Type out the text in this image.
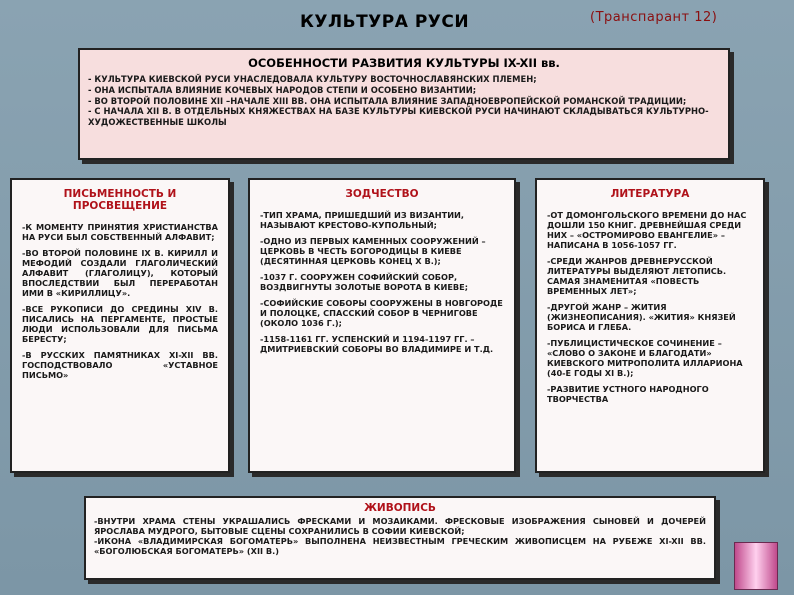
КУЛЬТУРА РУСИ	(Транспарант 12)
ОСОБЕННОСТИ РАЗВИТИЯ КУЛЬТУРЫ IX-XII вв.
- КУЛЬТУРА КИЕВСКОЙ РУСИ УНАСЛЕДОВАЛА КУЛЬТУРУ ВОСТОЧНОСЛАВЯНСКИХ ПЛЕМЕН;
- ОНА ИСПЫТАЛА ВЛИЯНИЕ КОЧЕВЫХ НАРОДОВ СТЕПИ И ОСОБЕНО ВИЗАНТИИ;
- ВО ВТОРОЙ ПОЛОВИНЕ XII –НАЧАЛЕ XIII ВВ. ОНА ИСПЫТАЛА ВЛИЯНИЕ ЗАПАДНОЕВРОПЕЙСКОЙ РОМАНСКОЙ ТРАДИЦИИ;
- С НАЧАЛА XII В. В ОТДЕЛЬНЫХ КНЯЖЕСТВАХ НА БАЗЕ КУЛЬТУРЫ КИЕВСКОЙ РУСИ НАЧИНАЮТ СКЛАДЫВАТЬСЯ КУЛЬТУРНО-ХУДОЖЕСТВЕННЫЕ ШКОЛЫ
ПИСЬМЕННОСТЬ И ПРОСВЕЩЕНИЕ

-К МОМЕНТУ ПРИНЯТИЯ ХРИСТИАНСТВА НА РУСИ БЫЛ СОБСТВЕННЫЙ АЛФАВИТ;

-ВО ВТОРОЙ ПОЛОВИНЕ IX В. КИРИЛЛ И МЕФОДИЙ СОЗДАЛИ ГЛАГОЛИЧЕСКИЙ АЛФАВИТ (ГЛАГОЛИЦУ), КОТОРЫЙ ВПОСЛЕДСТВИИ БЫЛ ПЕРЕРАБОТАН ИМИ В «КИРИЛЛИЦУ».

-ВСЕ РУКОПИСИ ДО СРЕДИНЫ XIV В. ПИСАЛИСЬ НА ПЕРГАМЕНТЕ, ПРОСТЫЕ ЛЮДИ ИСПОЛЬЗОВАЛИ ДЛЯ ПИСЬМА БЕРЕСТУ;

-В РУССКИХ ПАМЯТНИКАХ XI-XII ВВ. ГОСПОДСТВОВАЛО «УСТАВНОЕ ПИСЬМО»

ЗОДЧЕСТВО

-ТИП ХРАМА, ПРИШЕДШИЙ ИЗ ВИЗАНТИИ, НАЗЫВАЮТ КРЕСТОВО-КУПОЛЬНЫЙ;

-ОДНО ИЗ ПЕРВЫХ КАМЕННЫХ СООРУЖЕНИЙ – ЦЕРКОВЬ В ЧЕСТЬ БОГОРОДИЦЫ В КИЕВЕ (ДЕСЯТИННАЯ ЦЕРКОВЬ КОНЕЦ X В.);

-1037 Г. СООРУЖЕН СОФИЙСКИЙ СОБОР, ВОЗДВИГНУТЫ ЗОЛОТЫЕ ВОРОТА В КИЕВЕ;

-СОФИЙСКИЕ СОБОРЫ СООРУЖЕНЫ В НОВГОРОДЕ И ПОЛОЦКЕ, СПАССКИЙ СОБОР В ЧЕРНИГОВЕ (ОКОЛО 1036 Г.);

-1158-1161 ГГ. УСПЕНСКИЙ И 1194-1197 ГГ. – ДМИТРИЕВСКИЙ СОБОРЫ ВО ВЛАДИМИРЕ И Т.Д.

ЛИТЕРАТУРА

-ОТ ДОМОНГОЛЬСКОГО ВРЕМЕНИ ДО НАС ДОШЛИ 150 КНИГ. ДРЕВНЕЙШАЯ СРЕДИ НИХ – «ОСТРОМИРОВО ЕВАНГЕЛИЕ» – НАПИСАНА В 1056-1057 ГГ.

-СРЕДИ ЖАНРОВ ДРЕВНЕРУССКОЙ ЛИТЕРАТУРЫ ВЫДЕЛЯЮТ ЛЕТОПИСЬ. САМАЯ ЗНАМЕНИТАЯ «ПОВЕСТЬ ВРЕМЕННЫХ ЛЕТ»;

-ДРУГОЙ ЖАНР – ЖИТИЯ (ЖИЗНЕОПИСАНИЯ). «ЖИТИЯ» КНЯЗЕЙ БОРИСА И ГЛЕБА.

-ПУБЛИЦИСТИЧЕСКОЕ СОЧИНЕНИЕ – «СЛОВО О ЗАКОНЕ И БЛАГОДАТИ» КИЕВСКОГО МИТРОПОЛИТА ИЛЛАРИОНА (40-Е ГОДЫ XI В.);

-РАЗВИТИЕ УСТНОГО НАРОДНОГО ТВОРЧЕСТВА

ЖИВОПИСЬ
-ВНУТРИ ХРАМА СТЕНЫ УКРАШАЛИСЬ ФРЕСКАМИ И МОЗАИКАМИ. ФРЕСКОВЫЕ ИЗОБРАЖЕНИЯ СЫНОВЕЙ И ДОЧЕРЕЙ ЯРОСЛАВА МУДРОГО, БЫТОВЫЕ СЦЕНЫ СОХРАНИЛИСЬ В СОФИИ КИЕВСКОЙ;
-ИКОНА «ВЛАДИМИРСКАЯ БОГОМАТЕРЬ» ВЫПОЛНЕНА НЕИЗВЕСТНЫМ ГРЕЧЕСКИМ ЖИВОПИСЦЕМ НА РУБЕЖЕ XI-XII ВВ. «БОГОЛЮБСКАЯ БОГОМАТЕРЬ» (XII В.)
